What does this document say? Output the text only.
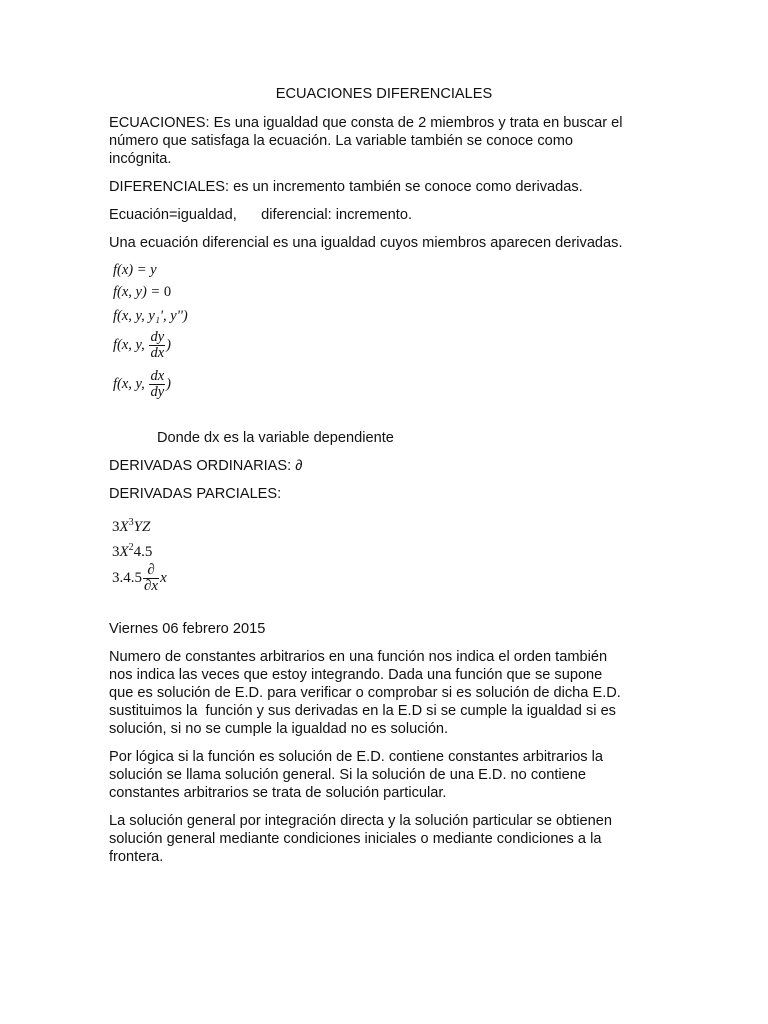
ECUACIONES DIFERENCIALES
ECUACIONES: Es una igualdad que consta de 2 miembros y trata en buscar el
número que satisfaga la ecuación. La variable también se conoce como
incógnita.
DIFERENCIALES: es un incremento también se conoce como derivadas.
Ecuación=igualdad,      diferencial: incremento.
Una ecuación diferencial es una igualdad cuyos miembros aparecen derivadas.
f(x) = y
f(x, y) = 0
f(x, y, y₁', y'')
f(x, y, $\frac{dy}{dx}$ )
f(x, y, $\frac{dx}{dy}$ )
Donde dx es la variable dependiente
DERIVADAS ORDINARIAS: ∂
DERIVADAS PARCIALES:
$3X^3YZ$
$3X^24.5$
$3.4.5 \frac{\partial}{\partial x}$ x
Viernes 06 febrero 2015
Numero de constantes arbitrarios en una función nos indica el orden también
nos indica las veces que estoy integrando. Dada una función que se supone
que es solución de E.D. para verificar o comprobar si es solución de dicha E.D.
sustituimos la  función y sus derivadas en la E.D si se cumple la igualdad si es
solución, si no se cumple la igualdad no es solución.
Por lógica si la función es solución de E.D. contiene constantes arbitrarios la
solución se llama solución general. Si la solución de una E.D. no contiene
constantes arbitrarios se trata de solución particular.
La solución general por integración directa y la solución particular se obtienen
solución general mediante condiciones iniciales o mediante condiciones a la
frontera.
